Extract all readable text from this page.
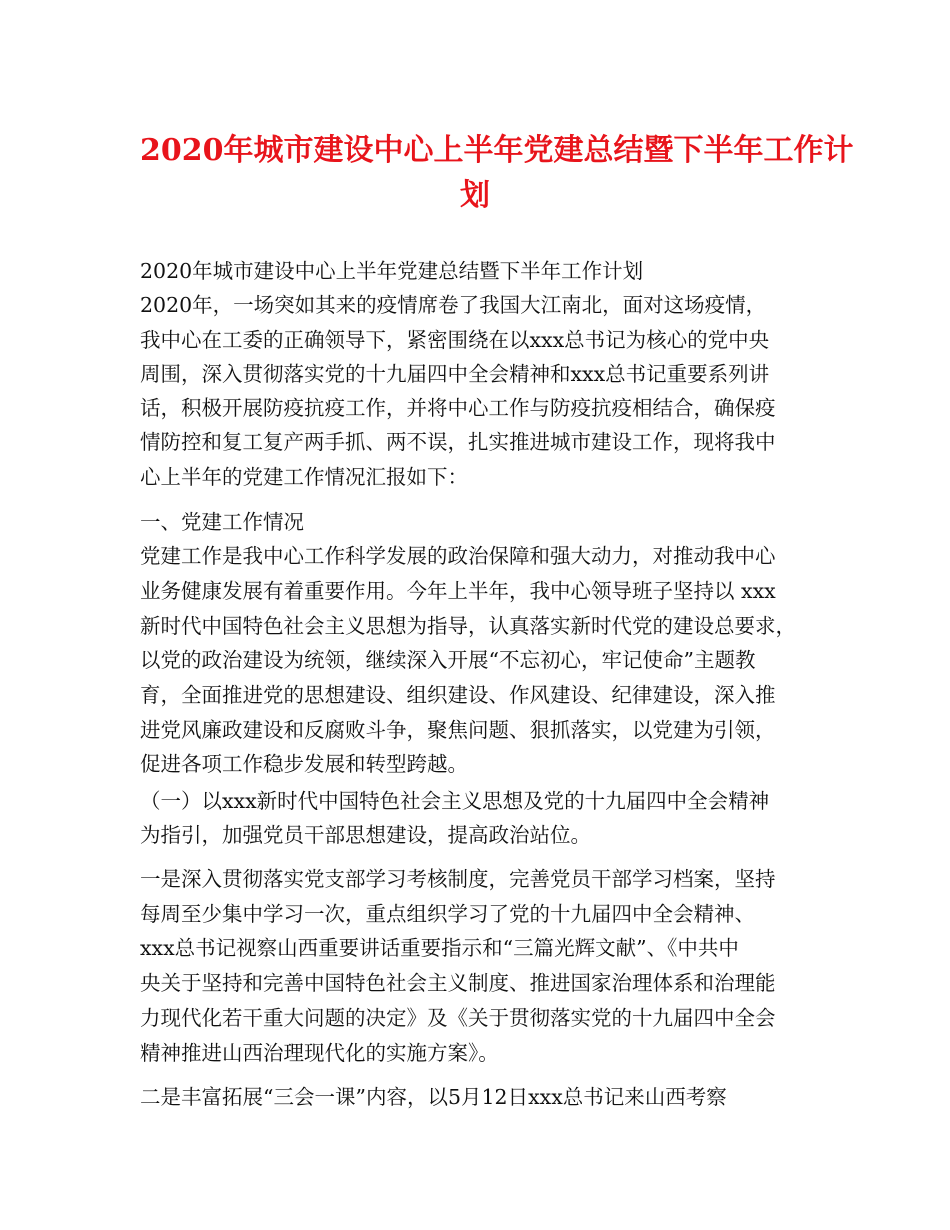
2020年城市建设中心上半年党建总结暨下半年工作计
划
2020年城市建设中心上半年党建总结暨下半年工作计划
2020年，一场突如其来的疫情席卷了我国大江南北，面对这场疫情，
我中心在工委的正确领导下，紧密围绕在以xxx总书记为核心的党中央
周围，深入贯彻落实党的十九届四中全会精神和xxx总书记重要系列讲
话，积极开展防疫抗疫工作，并将中心工作与防疫抗疫相结合，确保疫
情防控和复工复产两手抓、两不误，扎实推进城市建设工作，现将我中
心上半年的党建工作情况汇报如下：
一、党建工作情况
党建工作是我中心工作科学发展的政治保障和强大动力，对推动我中心
业务健康发展有着重要作用。今年上半年，我中心领导班子坚持以 xxx
新时代中国特色社会主义思想为指导，认真落实新时代党的建设总要求，
以党的政治建设为统领，继续深入开展“不忘初心，牢记使命”主题教
育，全面推进党的思想建设、组织建设、作风建设、纪律建设，深入推
进党风廉政建设和反腐败斗争，聚焦问题、狠抓落实，以党建为引领，
促进各项工作稳步发展和转型跨越。
（一）以xxx新时代中国特色社会主义思想及党的十九届四中全会精神
为指引，加强党员干部思想建设，提高政治站位。
一是深入贯彻落实党支部学习考核制度，完善党员干部学习档案，坚持
每周至少集中学习一次，重点组织学习了党的十九届四中全会精神、
xxx总书记视察山西重要讲话重要指示和“三篇光辉文献”、《中共中
央关于坚持和完善中国特色社会主义制度、推进国家治理体系和治理能
力现代化若干重大问题的决定》及《关于贯彻落实党的十九届四中全会
精神推进山西治理现代化的实施方案》。
二是丰富拓展“三会一课”内容，以5月12日xxx总书记来山西考察
